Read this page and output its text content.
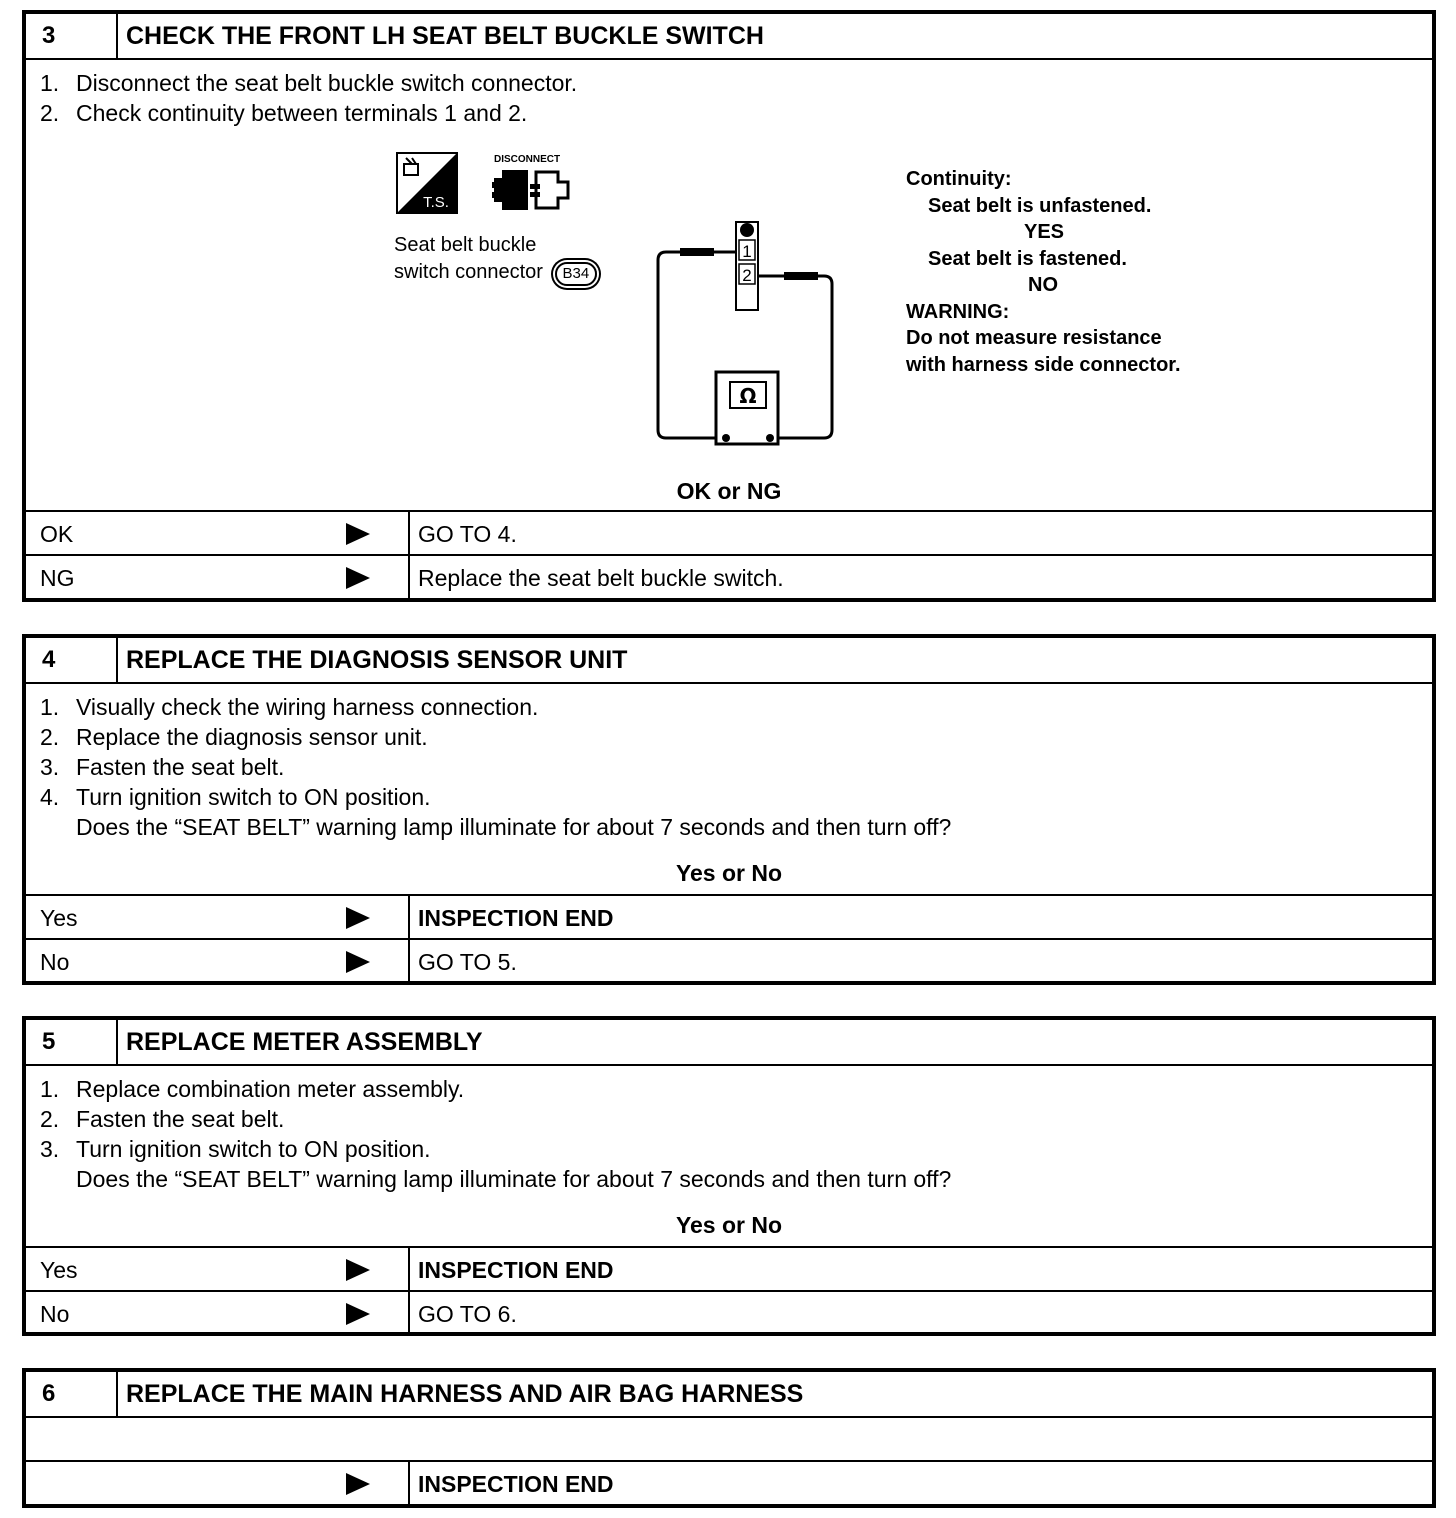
3	CHECK THE FRONT LH SEAT BELT BUCKLE SWITCH
1. Disconnect the seat belt buckle switch connector.
2. Check continuity between terminals 1 and 2.
T.S.
DISCONNECT
Seat belt buckle
switch connector B34
1
2
Ω
Continuity:
Seat belt is unfastened.
YES
Seat belt is fastened.
NO
WARNING:
Do not measure resistance
with harness side connector.
OK or NG
OK	GO TO 4.
NG	Replace the seat belt buckle switch.
4	REPLACE THE DIAGNOSIS SENSOR UNIT
1. Visually check the wiring harness connection.
2. Replace the diagnosis sensor unit.
3. Fasten the seat belt.
4. Turn ignition switch to ON position.
Does the “SEAT BELT” warning lamp illuminate for about 7 seconds and then turn off?
Yes or No
Yes	INSPECTION END
No	GO TO 5.
5	REPLACE METER ASSEMBLY
1. Replace combination meter assembly.
2. Fasten the seat belt.
3. Turn ignition switch to ON position.
Does the “SEAT BELT” warning lamp illuminate for about 7 seconds and then turn off?
Yes or No
Yes	INSPECTION END
No	GO TO 6.
6	REPLACE THE MAIN HARNESS AND AIR BAG HARNESS
INSPECTION END
